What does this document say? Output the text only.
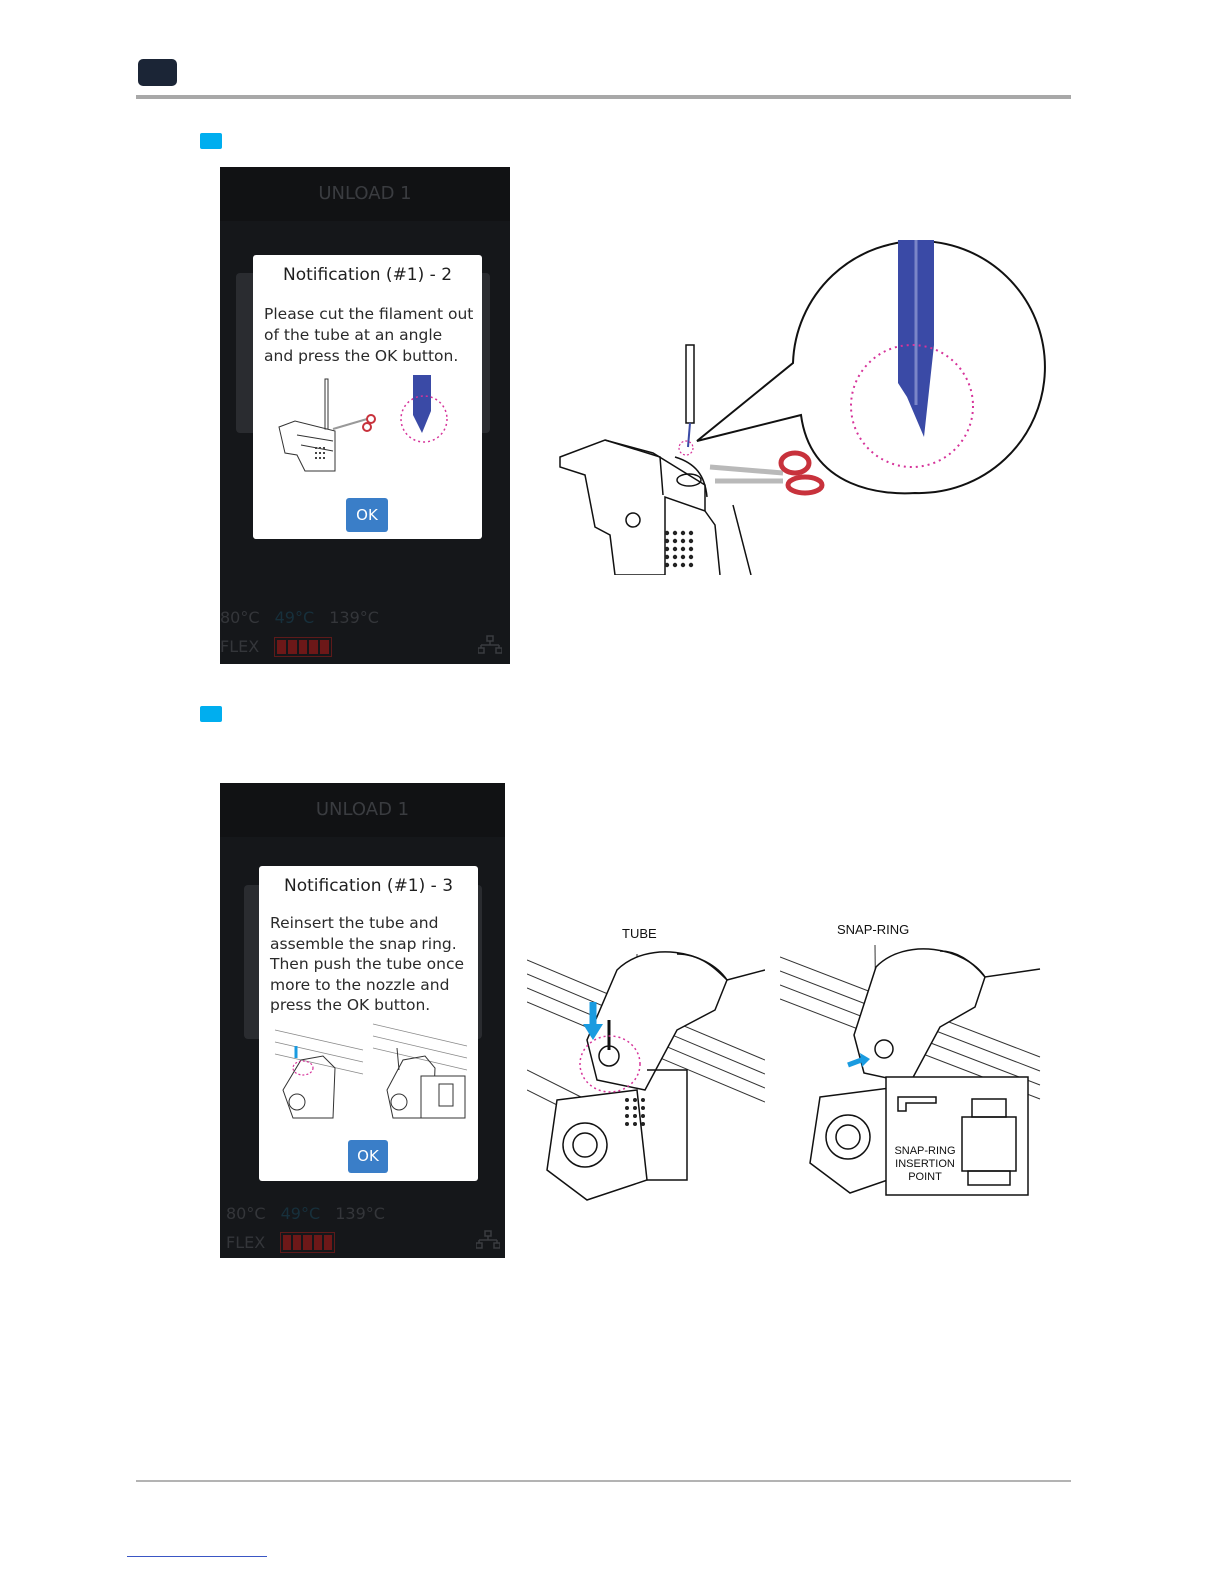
UNLOAD 1
Notification (#1) - 2
Please cut the filament out of the tube at an angle and press the OK button.
OK
80°C 49°C 139°C
FLEX
UNLOAD 1
Notification (#1) - 3
Reinsert the tube and assemble the snap ring. Then push the tube once more to the nozzle and press the OK button.
OK
80°C 49°C 139°C
FLEX
TUBE	SNAP-RING
SNAP-RING INSERTION POINT
